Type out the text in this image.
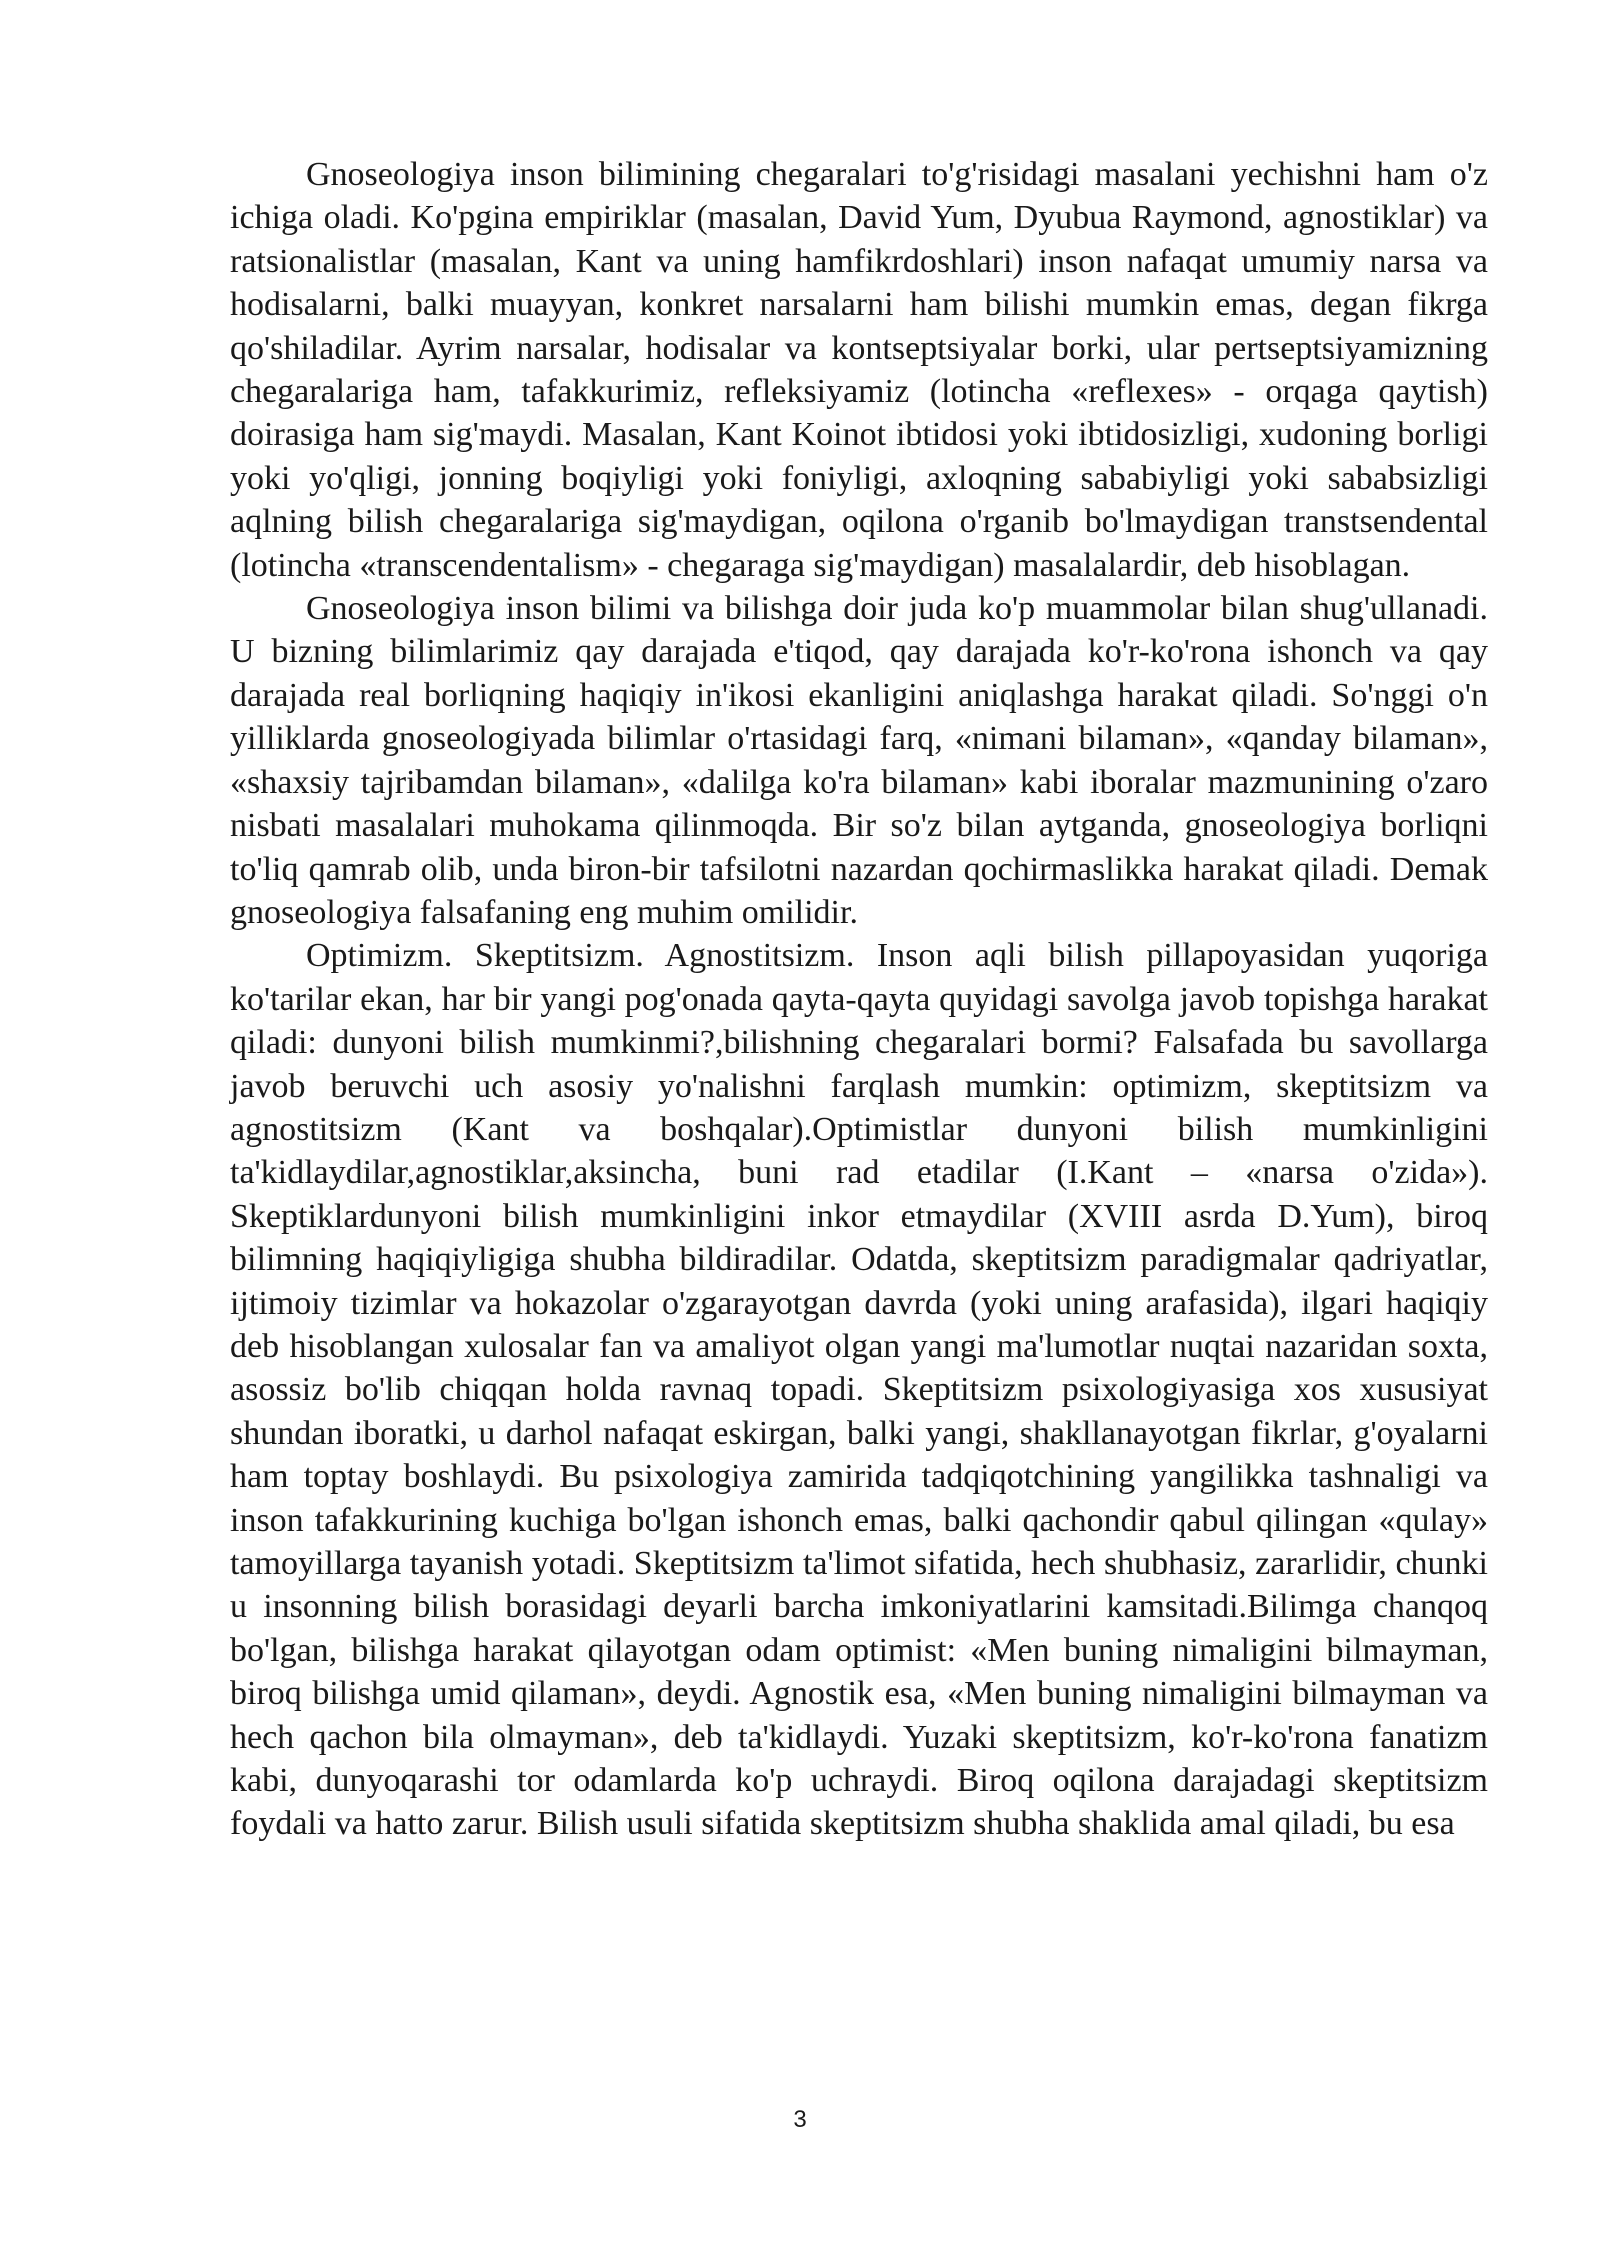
Gnoseologiya inson bilimining chegaralari to'g'risidagi masalani yechishni ham o'z ichiga oladi. Ko'pgina empiriklar (masalan, David Yum, Dyubua Raymond, agnostiklar) va ratsionalistlar (masalan, Kant va uning hamfikrdoshlari) inson nafaqat umumiy narsa va hodisalarni, balki muayyan, konkret narsalarni ham bilishi mumkin emas, degan fikrga qo'shiladilar. Ayrim narsalar, hodisalar va kontseptsiyalar borki, ular pertseptsiyamizning chegaralariga ham, tafakkurimiz, refleksiyamiz (lotincha «reflexes» - orqaga qaytish) doirasiga ham sig'maydi. Masalan, Kant Koinot ibtidosi yoki ibtidosizligi, xudoning borligi yoki yo'qligi, jonning boqiyligi yoki foniyligi, axloqning sababiyligi yoki sababsizligi aqlning bilish chegaralariga sig'maydigan, oqilona o'rganib bo'lmaydigan transtsendental (lotincha «transcendentalism» - chegaraga sig'maydigan) masalalardir, deb hisoblagan.

Gnoseologiya inson bilimi va bilishga doir juda ko'p muammolar bilan shug'ullanadi. U bizning bilimlarimiz qay darajada e'tiqod, qay darajada ko'r-ko'rona ishonch va qay darajada real borliqning haqiqiy in'ikosi ekanligini aniqlashga harakat qiladi. So'nggi o'n yilliklarda gnoseologiyada bilimlar o'rtasidagi farq, «nimani bilaman», «qanday bilaman», «shaxsiy tajribamdan bilaman», «dalilga ko'ra bilaman» kabi iboralar mazmunining o'zaro nisbati masalalari muhokama qilinmoqda. Bir so'z bilan aytganda, gnoseologiya borliqni to'liq qamrab olib, unda biron-bir tafsilotni nazardan qochirmaslikka harakat qiladi. Demak gnoseologiya falsafaning eng muhim omilidir.

Optimizm. Skeptitsizm. Agnostitsizm. Inson aqli bilish pillapoyasidan yuqoriga ko'tarilar ekan, har bir yangi pog'onada qayta-qayta quyidagi savolga javob topishga harakat qiladi: dunyoni bilish mumkinmi?,bilishning chegaralari bormi? Falsafada bu savollarga javob beruvchi uch asosiy yo'nalishni farqlash mumkin: optimizm, skeptitsizm va agnostitsizm (Kant va boshqalar).Optimistlar dunyoni bilish mumkinligini ta'kidlaydilar,agnostiklar,aksincha, buni rad etadilar (I.Kant – «narsa o'zida»). Skeptiklardunyoni bilish mumkinligini inkor etmaydilar (XVIII asrda D.Yum), biroq bilimning haqiqiyligiga shubha bildiradilar. Odatda, skeptitsizm paradigmalar qadriyatlar, ijtimoiy tizimlar va hokazolar o'zgarayotgan davrda (yoki uning arafasida), ilgari haqiqiy deb hisoblangan xulosalar fan va amaliyot olgan yangi ma'lumotlar nuqtai nazaridan soxta, asossiz bo'lib chiqqan holda ravnaq topadi. Skeptitsizm psixologiyasiga xos xususiyat shundan iboratki, u darhol nafaqat eskirgan, balki yangi, shakllanayotgan fikrlar, g'oyalarni ham toptay boshlaydi. Bu psixologiya zamirida tadqiqotchining yangilikka tashnaligi va inson tafakkurining kuchiga bo'lgan ishonch emas, balki qachondir qabul qilingan «qulay» tamoyillarga tayanish yotadi. Skeptitsizm ta'limot sifatida, hech shubhasiz, zararlidir, chunki u insonning bilish borasidagi deyarli barcha imkoniyatlarini kamsitadi.Bilimga chanqoq bo'lgan, bilishga harakat qilayotgan odam optimist: «Men buning nimaligini bilmayman, biroq bilishga umid qilaman», deydi. Agnostik esa, «Men buning nimaligini bilmayman va hech qachon bila olmayman», deb ta'kidlaydi. Yuzaki skeptitsizm, ko'r-ko'rona fanatizm kabi, dunyoqarashi tor odamlarda ko'p uchraydi. Biroq oqilona darajadagi skeptitsizm foydali va hatto zarur. Bilish usuli sifatida skeptitsizm shubha shaklida amal qiladi, bu esa

3
